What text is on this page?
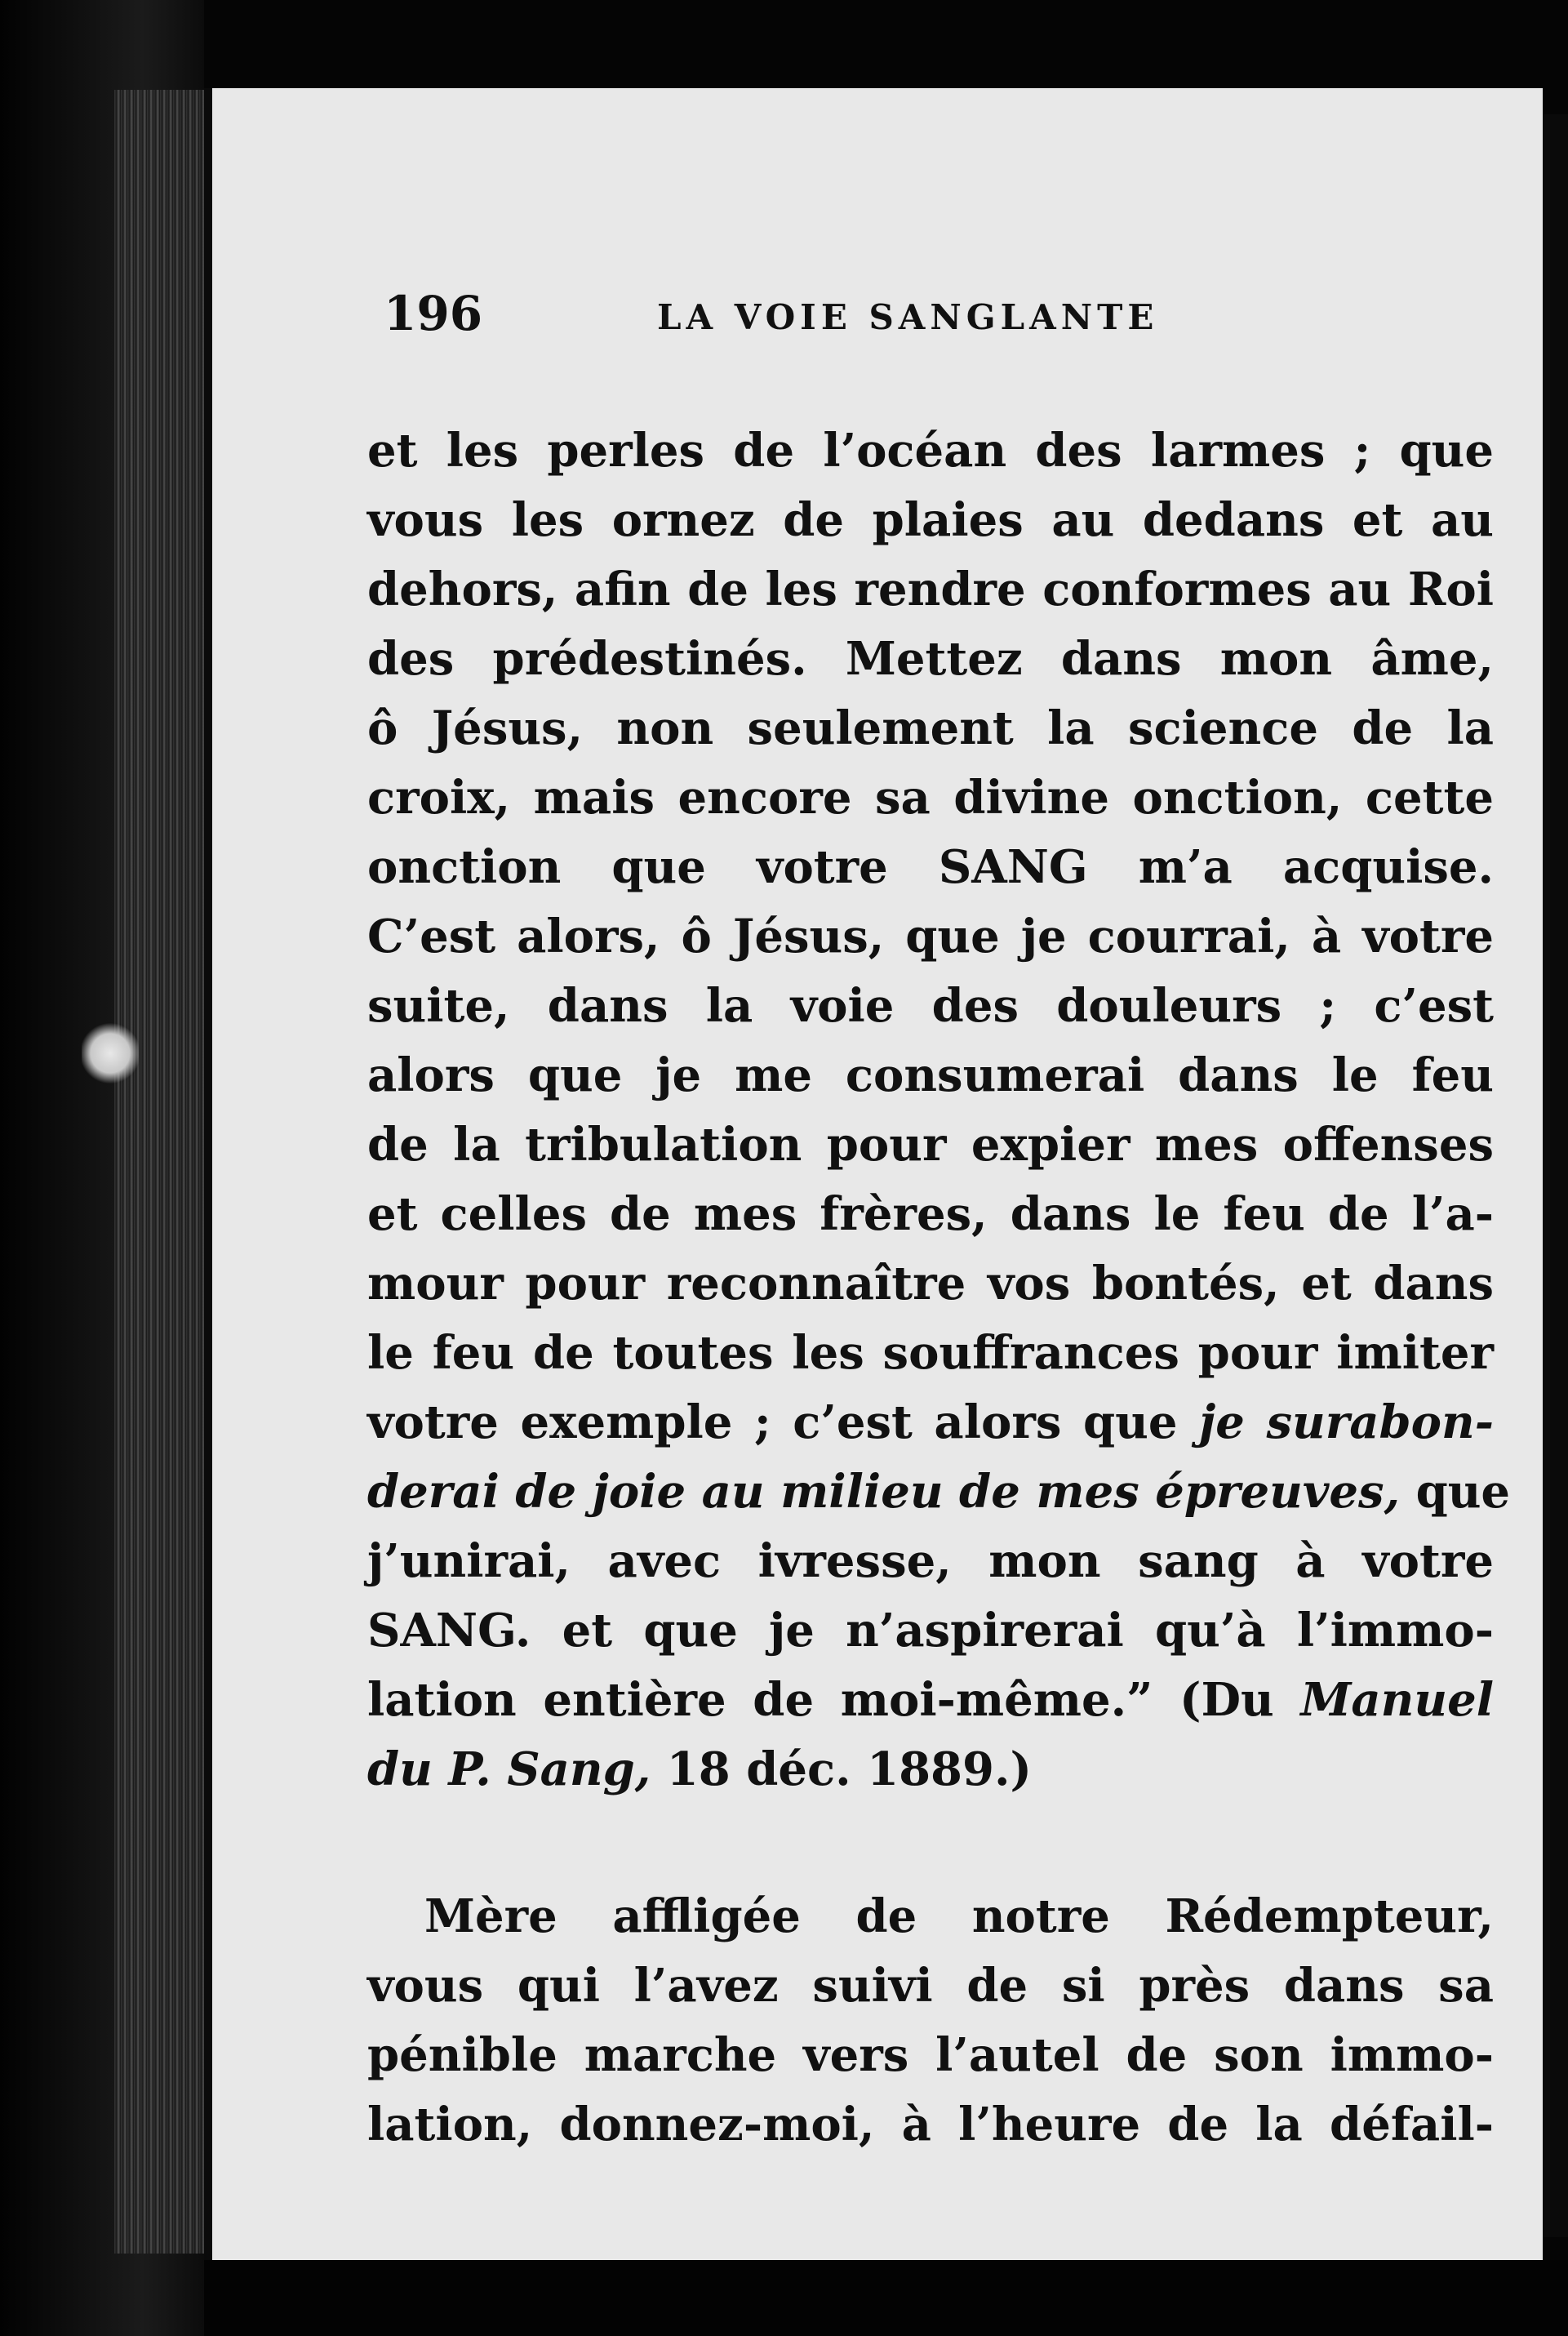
196	LA VOIE SANGLANTE
et les perles de l’océan des larmes ; que
vous les ornez de plaies au dedans et au
dehors, afin de les rendre conformes au Roi
des prédestinés. Mettez dans mon âme,
ô Jésus, non seulement la science de la
croix, mais encore sa divine onction, cette
onction que votre SANG m’a acquise.
C’est alors, ô Jésus, que je courrai, à votre
suite, dans la voie des douleurs ; c’est
alors que je me consumerai dans le feu
de la tribulation pour expier mes offenses
et celles de mes frères, dans le feu de l’a-
mour pour reconnaître vos bontés, et dans
le feu de toutes les souffrances pour imiter
votre exemple ; c’est alors que je surabon-
derai de joie au milieu de mes épreuves, que
j’unirai, avec ivresse, mon sang à votre
SANG. et que je n’aspirerai qu’à l’immo-
lation entière de moi-même.” (Du Manuel
du P. Sang, 18 déc. 1889.)
Mère affligée de notre Rédempteur,
vous qui l’avez suivi de si près dans sa
pénible marche vers l’autel de son immo-
lation, donnez-moi, à l’heure de la défail-
